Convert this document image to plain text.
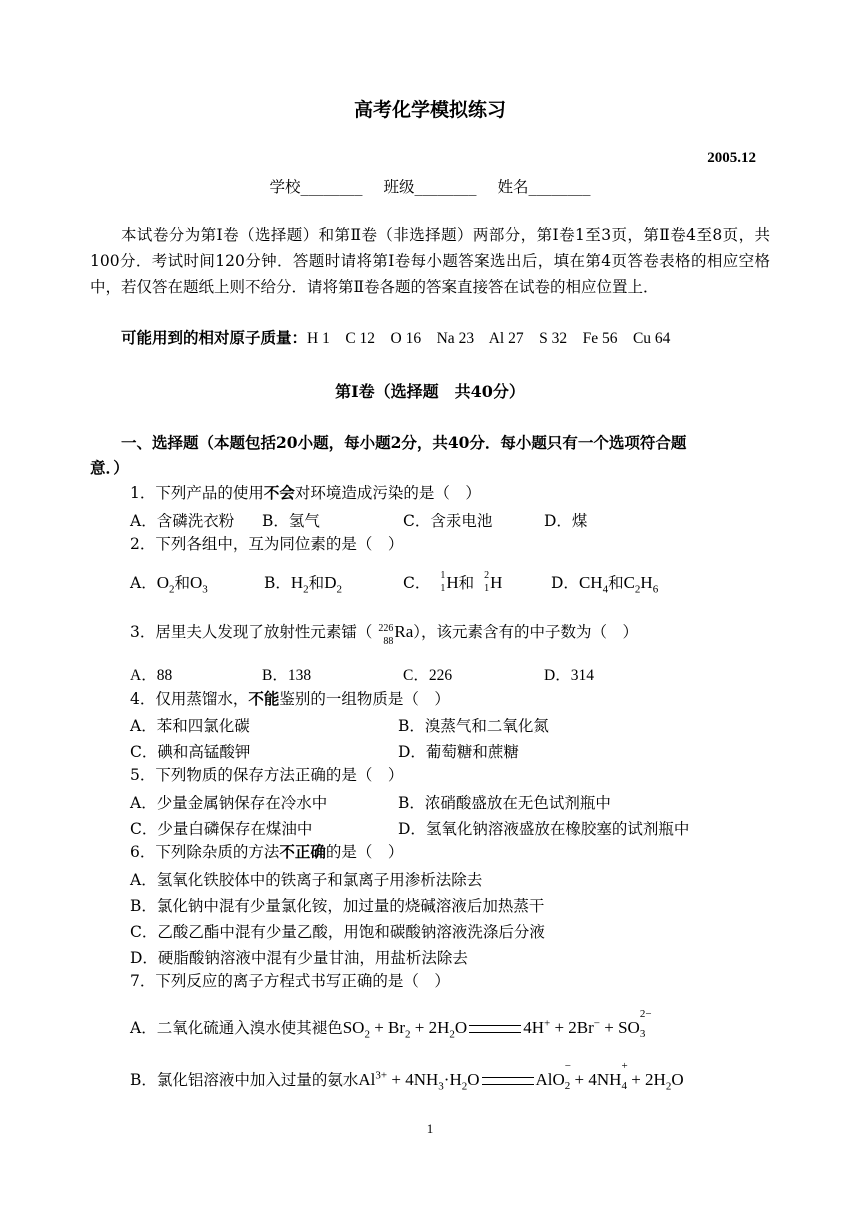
高考化学模拟练习
2005.12
学校________ 班级________ 姓名________
本试卷分为第Ⅰ卷（选择题）和第Ⅱ卷（非选择题）两部分，第Ⅰ卷1至3页，第Ⅱ卷4至8页，共100分．考试时间120分钟．答题时请将第Ⅰ卷每小题答案选出后，填在第4页答卷表格的相应空格中，若仅答在题纸上则不给分．请将第Ⅱ卷各题的答案直接答在试卷的相应位置上．
可能用到的相对原子质量：H 1    C 12    O 16    Na 23    Al 27    S 32    Fe 56    Cu 64
第Ⅰ卷（选择题　共40分）
一、选择题（本题包括20小题，每小题2分，共40分．每小题只有一个选项符合题
意．）
1．下列产品的使用不会对环境造成污染的是（　）
A．含磷洗衣粉 B．氢气	C．含汞电池	D．煤
2．下列各组中，互为同位素的是（　）
A．$O_2$和$O_3$	B．$H_2$和$D_2$	C． 1
1 H和 2
1 H	D．$CH_4$和$C_2H_6$
3．居里夫人发现了放射性元素镭（ 226
88
Ra），该元素含有的中子数为（　）
A．88	B．138	C．226	D．314
4．仅用蒸馏水，不能鉴别的一组物质是（　）
A．苯和四氯化碳	B．溴蒸气和二氧化氮
C．碘和高锰酸钾	D．葡萄糖和蔗糖
5．下列物质的保存方法正确的是（　）
A．少量金属钠保存在冷水中	B．浓硝酸盛放在无色试剂瓶中
C．少量白磷保存在煤油中	D．氢氧化钠溶液盛放在橡胶塞的试剂瓶中
6．下列除杂质的方法不正确的是（　）
A．氢氧化铁胶体中的铁离子和氯离子用渗析法除去
B．氯化钠中混有少量氯化铵，加过量的烧碱溶液后加热蒸干
C．乙酸乙酯中混有少量乙酸，用饱和碳酸钠溶液洗涤后分液
D．硬脂酸钠溶液中混有少量甘油，用盐析法除去
7．下列反应的离子方程式书写正确的是（　）
A．二氧化硫通入溴水使其褪色$SO_2 + Br_2 + 2H_2O$	4H+ + 2Br− + SO
$_{2- 3}$
B．氯化铝溶液中加入过量的氨水$Al^{3+} + 4NH_3\cdot H_2O$	AlO
$_{- 2}$ + 4NH
$_{+ 4} + 2H_2O$
1
